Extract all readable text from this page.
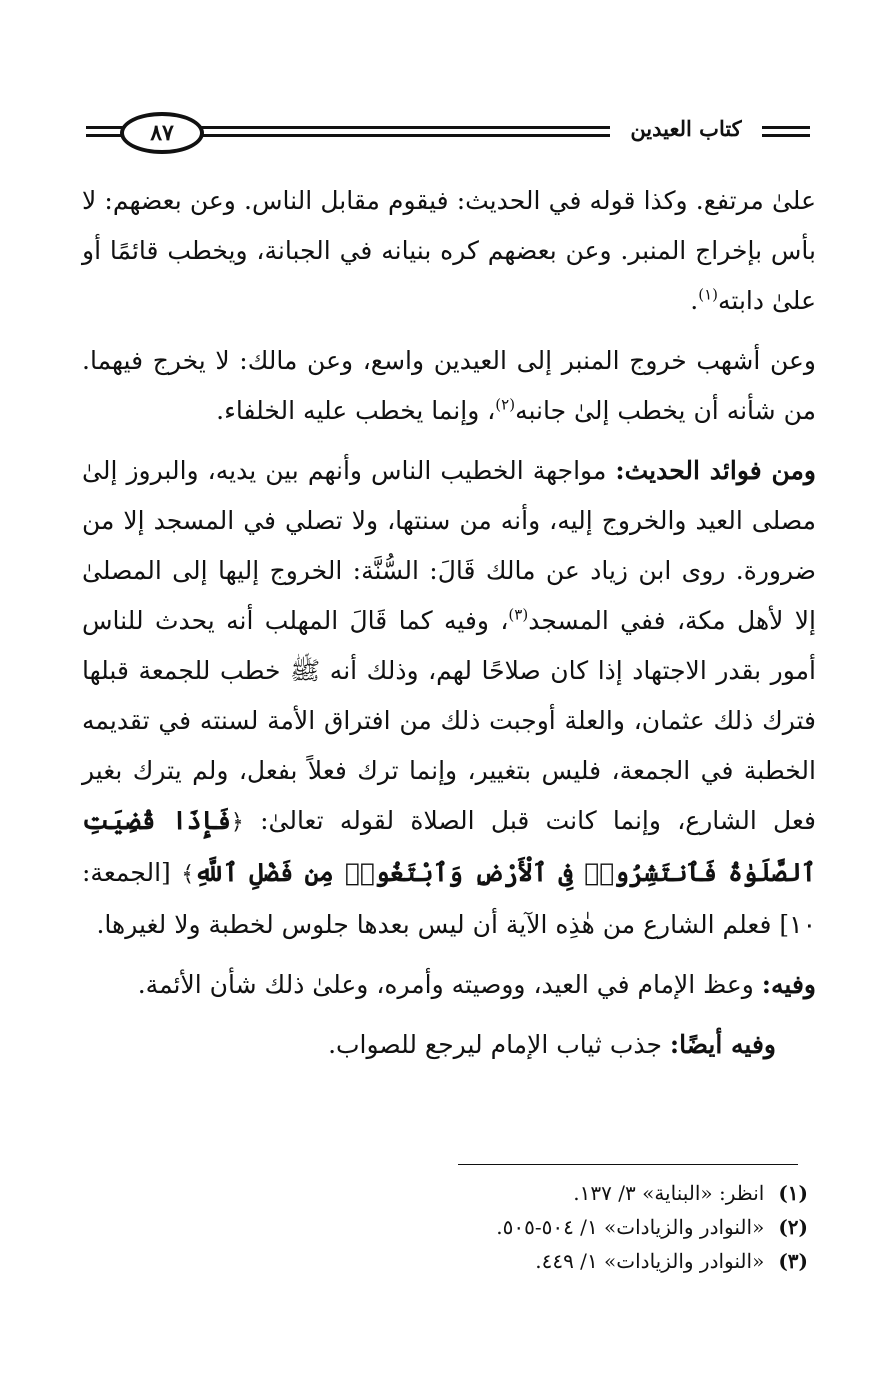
٨٧	كتاب العيدين

علىٰ مرتفع. وكذا قوله في الحديث: فيقوم مقابل الناس. وعن بعضهم: لا بأس بإخراج المنبر. وعن بعضهم كره بنيانه في الجبانة، ويخطب قائمًا أو علىٰ دابته$^{(١)}$.

وعن أشهب خروج المنبر إلى العيدين واسع، وعن مالك: لا يخرج فيهما. من شأنه أن يخطب إلىٰ جانبه$^{(٢)}$، وإنما يخطب عليه الخلفاء.

ومن فوائد الحديث: مواجهة الخطيب الناس وأنهم بين يديه، والبروز إلىٰ مصلى العيد والخروج إليه، وأنه من سنتها، ولا تصلي في المسجد إلا من ضرورة. روى ابن زياد عن مالك قَالَ: السُّنَّة: الخروج إليها إلى المصلىٰ إلا لأهل مكة، ففي المسجد$^{(٣)}$، وفيه كما قَالَ المهلب أنه يحدث للناس أمور بقدر الاجتهاد إذا كان صلاحًا لهم، وذلك أنه ﷺ خطب للجمعة قبلها فترك ذلك عثمان، والعلة أوجبت ذلك من افتراق الأمة لسنته في تقديمه الخطبة في الجمعة، فليس بتغيير، وإنما ترك فعلاً بفعل، ولم يترك بغير فعل الشارع، وإنما كانت قبل الصلاة لقوله تعالىٰ: ﴿فَإِذَا قُضِيَتِ ٱلصَّلَوٰةُ فَٱنتَشِرُوا۟ فِى ٱلْأَرْضِ وَٱبْتَغُوا۟ مِن فَضْلِ ٱللَّهِ﴾ [الجمعة: ١٠] فعلم الشارع من هٰذِه الآية أن ليس بعدها جلوس لخطبة ولا لغيرها.

وفيه: وعظ الإمام في العيد، ووصيته وأمره، وعلىٰ ذلك شأن الأئمة.

وفيه أيضًا: جذب ثياب الإمام ليرجع للصواب.

(١)
انظر: «البناية» ٣/ ١٣٧.
(٢)
«النوادر والزيادات» ١/ ٥٠٤-٥٠٥.
(٣)
«النوادر والزيادات» ١/ ٤٤٩.
